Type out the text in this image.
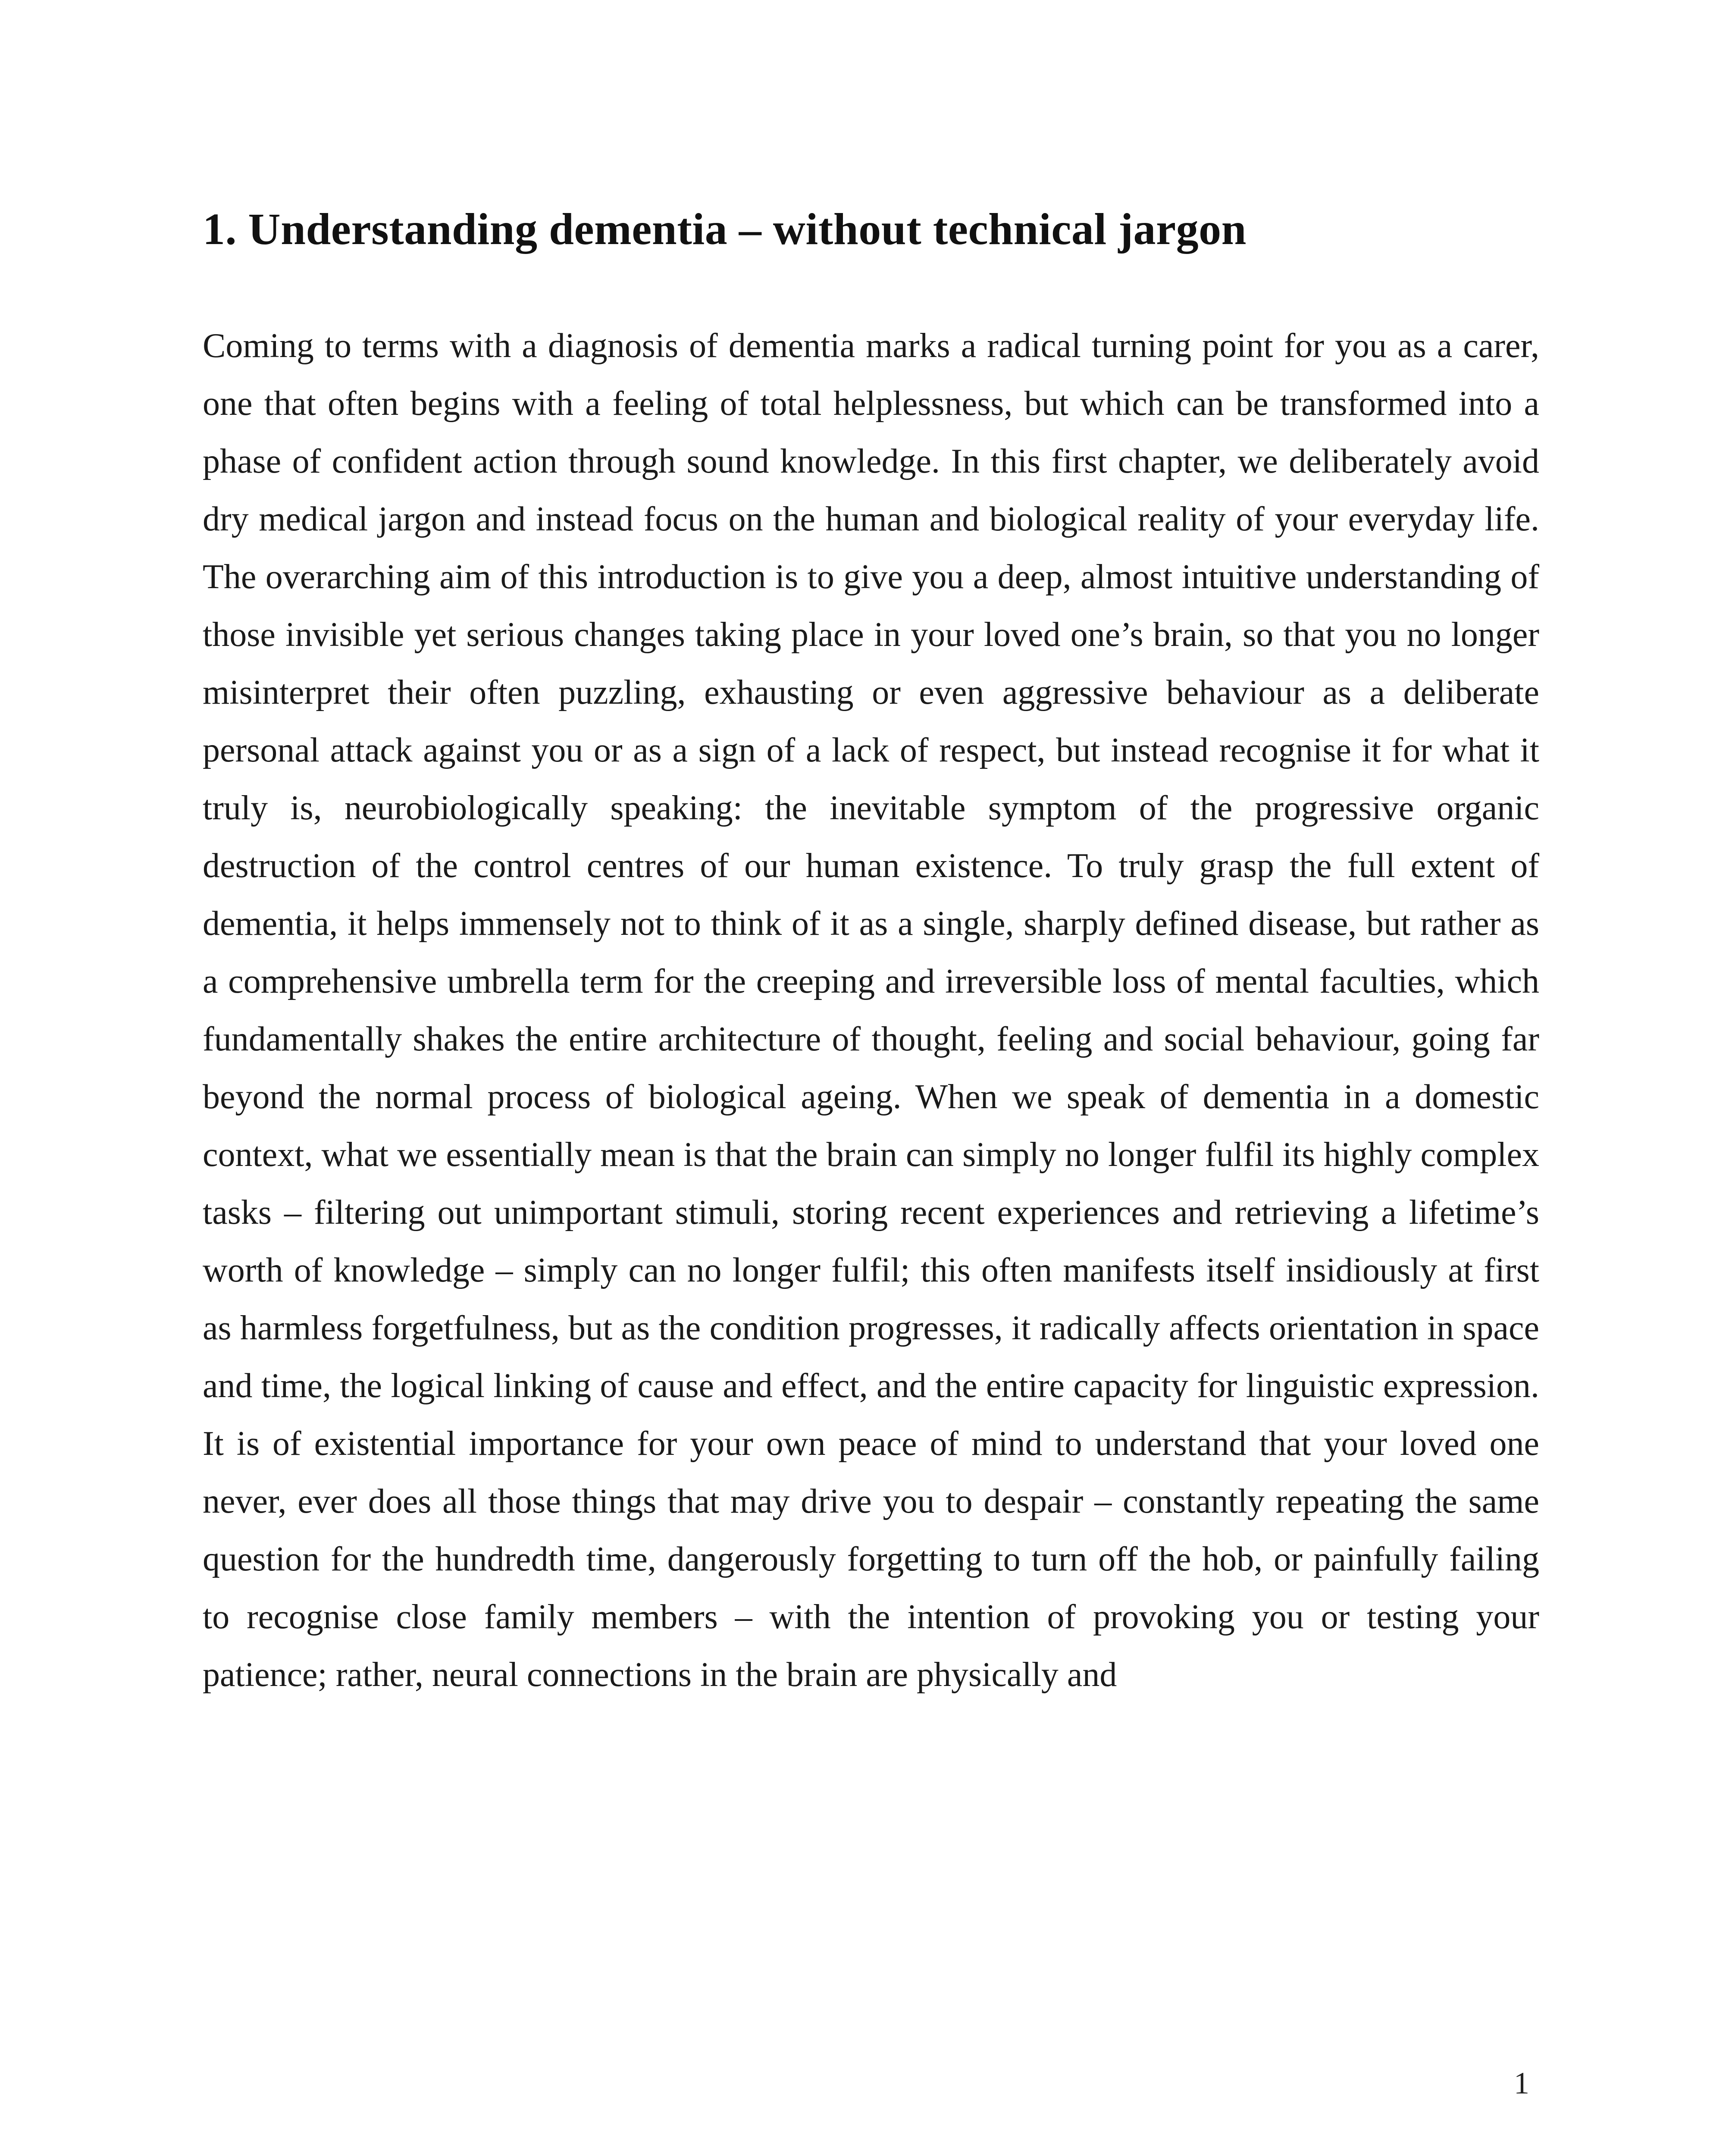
1. Understanding dementia – without technical jargon

Coming to terms with a diagnosis of dementia marks a radical turning point for you as a carer, one that often begins with a feeling of total helplessness, but which can be transformed into a phase of confident action through sound knowledge. In this first chapter, we deliberately avoid dry medical jargon and instead focus on the human and biological reality of your everyday life. The overarching aim of this introduction is to give you a deep, almost intuitive understanding of those invisible yet serious changes taking place in your loved one’s brain, so that you no longer misinterpret their often puzzling, exhausting or even aggressive behaviour as a deliberate personal attack against you or as a sign of a lack of respect, but instead recognise it for what it truly is, neurobiologically speaking: the inevitable symptom of the progressive organic destruction of the control centres of our human existence. To truly grasp the full extent of dementia, it helps immensely not to think of it as a single, sharply defined disease, but rather as a comprehensive umbrella term for the creeping and irreversible loss of mental faculties, which fundamentally shakes the entire architecture of thought, feeling and social behaviour, going far beyond the normal process of biological ageing. When we speak of dementia in a domestic context, what we essentially mean is that the brain can simply no longer fulfil its highly complex tasks – filtering out unimportant stimuli, storing recent experiences and retrieving a lifetime’s worth of knowledge – simply can no longer fulfil; this often manifests itself insidiously at first as harmless forgetfulness, but as the condition progresses, it radically affects orientation in space and time, the logical linking of cause and effect, and the entire capacity for linguistic expression. It is of existential importance for your own peace of mind to understand that your loved one never, ever does all those things that may drive you to despair – constantly repeating the same question for the hundredth time, dangerously forgetting to turn off the hob, or painfully failing to recognise close family members – with the intention of provoking you or testing your patience; rather, neural connections in the brain are physically and

1
